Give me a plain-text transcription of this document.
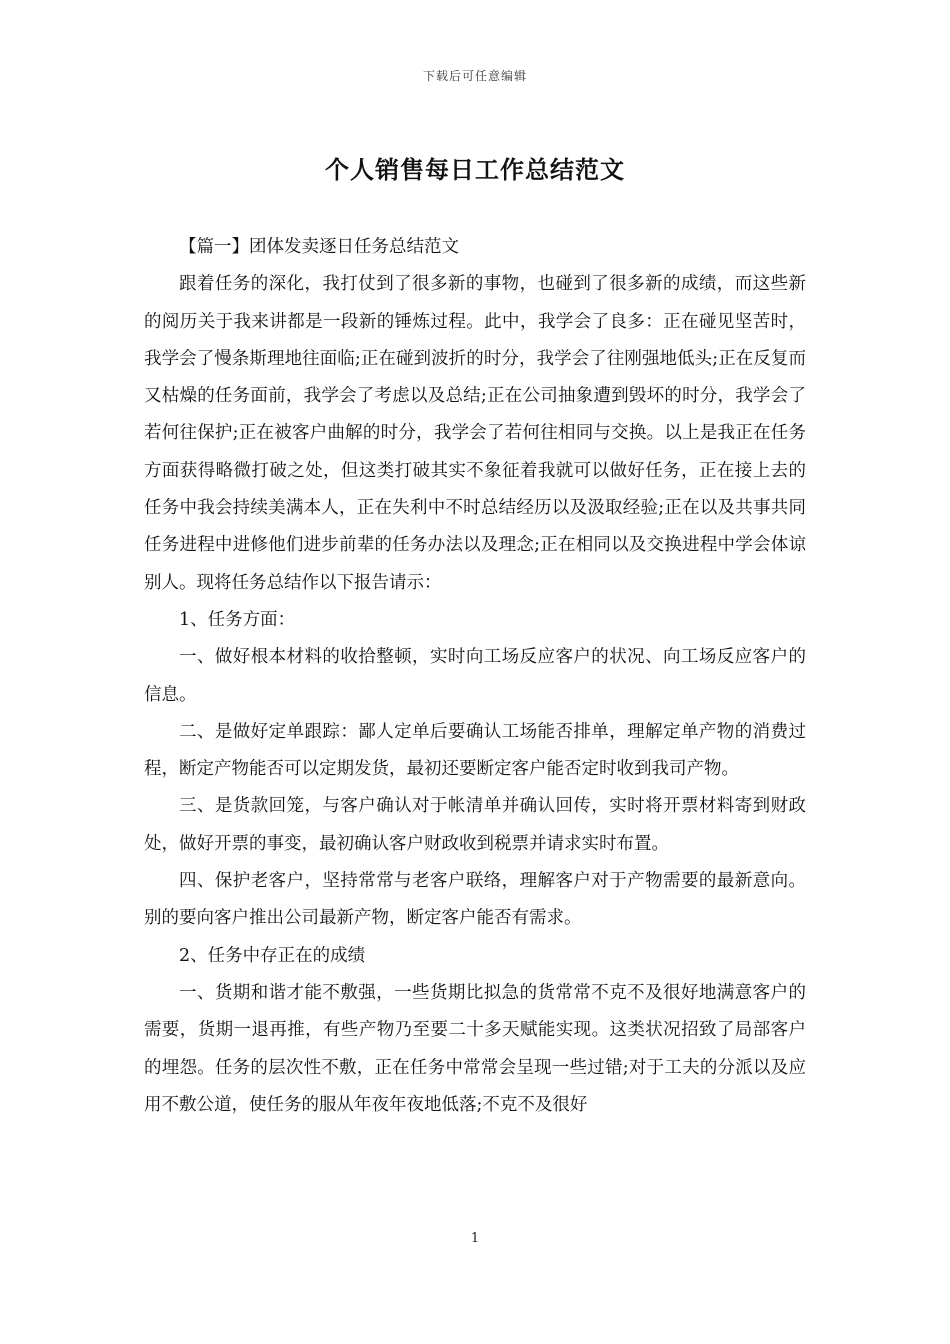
下载后可任意编辑
个人销售每日工作总结范文

【篇一】团体发卖逐日任务总结范文

跟着任务的深化，我打仗到了很多新的事物，也碰到了很多新的成绩，而这些新的阅历关于我来讲都是一段新的锤炼过程。此中，我学会了良多：正在碰见坚苦时，我学会了慢条斯理地往面临;正在碰到波折的时分，我学会了往刚强地低头;正在反复而又枯燥的任务面前，我学会了考虑以及总结;正在公司抽象遭到毁坏的时分，我学会了若何往保护;正在被客户曲解的时分，我学会了若何往相同与交换。以上是我正在任务方面获得略微打破之处，但这类打破其实不象征着我就可以做好任务，正在接上去的任务中我会持续美满本人，正在失利中不时总结经历以及汲取经验;正在以及共事共同任务进程中进修他们进步前辈的任务办法以及理念;正在相同以及交换进程中学会体谅别人。现将任务总结作以下报告请示：

1、任务方面：

一、做好根本材料的收拾整顿，实时向工场反应客户的状况、向工场反应客户的信息。

二、是做好定单跟踪：鄙人定单后要确认工场能否排单，理解定单产物的消费过程，断定产物能否可以定期发货，最初还要断定客户能否定时收到我司产物。

三、是货款回笼，与客户确认对于帐清单并确认回传，实时将开票材料寄到财政处，做好开票的事变，最初确认客户财政收到税票并请求实时布置。

四、保护老客户，坚持常常与老客户联络，理解客户对于产物需要的最新意向。别的要向客户推出公司最新产物，断定客户能否有需求。

2、任务中存正在的成绩

一、货期和谐才能不敷强，一些货期比拟急的货常常不克不及很好地满意客户的需要，货期一退再推，有些产物乃至要二十多天赋能实现。这类状况招致了局部客户的埋怨。任务的层次性不敷，正在任务中常常会呈现一些过错;对于工夫的分派以及应用不敷公道，使任务的服从年夜年夜地低落;不克不及很好

1
